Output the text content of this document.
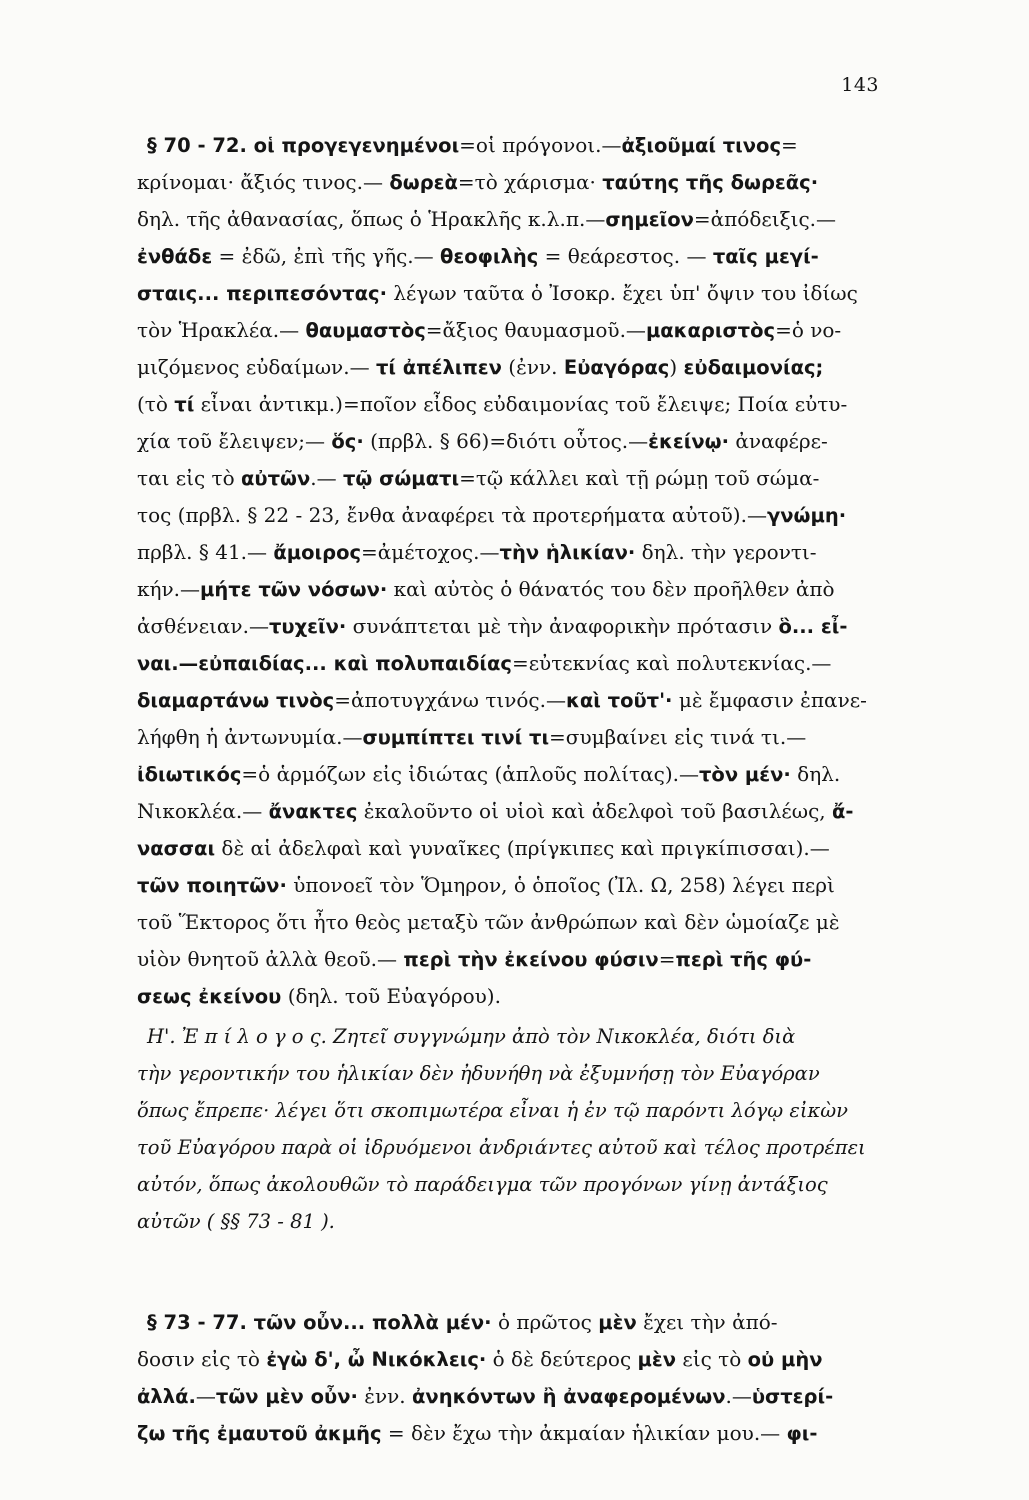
143
§ 70 - 72. οἱ προγεγενημένοι=οἱ πρόγονοι.—ἀξιοῦμαί τινος=
κρίνομαι· ἄξιός τινος.— δωρεὰ=τὸ χάρισμα· ταύτης τῆς δωρεᾶς·
δηλ. τῆς ἀθανασίας, ὅπως ὁ Ἡρακλῆς κ.λ.π.—σημεῖον=ἀπόδειξις.—
ἐνθάδε = ἐδῶ, ἐπὶ τῆς γῆς.— θεοφιλὴς = θεάρεστος. — ταῖς μεγί-
σταις... περιπεσόντας· λέγων ταῦτα ὁ Ἰσοκρ. ἔχει ὑπ' ὄψιν του ἰδίως
τὸν Ἡρακλέα.— θαυμαστὸς=ἄξιος θαυμασμοῦ.—μακαριστὸς=ὁ νο-
μιζόμενος εὐδαίμων.— τί ἀπέλιπεν (ἐνν. Εὐαγόρας) εὐδαιμονίας;
(τὸ τί εἶναι ἀντικμ.)=ποῖον εἶδος εὐδαιμονίας τοῦ ἔλειψε; Ποία εὐτυ-
χία τοῦ ἔλειψεν;— ὅς· (πρβλ. § 66)=διότι οὗτος.—ἐκείνῳ· ἀναφέρε-
ται εἰς τὸ αὐτῶν.— τῷ σώματι=τῷ κάλλει καὶ τῇ ρώμῃ τοῦ σώμα-
τος (πρβλ. § 22 - 23, ἔνθα ἀναφέρει τὰ προτερήματα αὐτοῦ).—γνώμη·
πρβλ. § 41.— ἄμοιρος=ἀμέτοχος.—τὴν ἡλικίαν· δηλ. τὴν γεροντι-
κήν.—μήτε τῶν νόσων· καὶ αὐτὸς ὁ θάνατός του δὲν προῆλθεν ἀπὸ
ἀσθένειαν.—τυχεῖν· συνάπτεται μὲ τὴν ἀναφορικὴν πρότασιν ὃ... εἶ-
ναι.—εὐπαιδίας... καὶ πολυπαιδίας=εὐτεκνίας καὶ πολυτεκνίας.—
διαμαρτάνω τινὸς=ἀποτυγχάνω τινός.—καὶ τοῦτ'· μὲ ἔμφασιν ἐπανε-
λήφθη ἡ ἀντωνυμία.—συμπίπτει τινί τι=συμβαίνει εἰς τινά τι.—
ἰδιωτικός=ὁ ἁρμόζων εἰς ἰδιώτας (ἁπλοῦς πολίτας).—τὸν μέν· δηλ.
Νικοκλέα.— ἄνακτες ἐκαλοῦντο οἱ υἱοὶ καὶ ἀδελφοὶ τοῦ βασιλέως, ἄ-
νασσαι δὲ αἱ ἀδελφαὶ καὶ γυναῖκες (πρίγκιπες καὶ πριγκίπισσαι).—
τῶν ποιητῶν· ὑπονοεῖ τὸν Ὅμηρον, ὁ ὁποῖος (Ἰλ. Ω, 258) λέγει περὶ
τοῦ Ἕκτορος ὅτι ἦτο θεὸς μεταξὺ τῶν ἀνθρώπων καὶ δὲν ὡμοίαζε μὲ
υἱὸν θνητοῦ ἀλλὰ θεοῦ.— περὶ τὴν ἐκείνου φύσιν=περὶ τῆς φύ-
σεως ἐκείνου (δηλ. τοῦ Εὐαγόρου).
Η'. Ἐ π ί λ ο γ ο ς. Ζητεῖ συγγνώμην ἀπὸ τὸν Νικοκλέα, διότι διὰ
τὴν γεροντικήν του ἡλικίαν δὲν ἠδυνήθη νὰ ἐξυμνήσῃ τὸν Εὐαγόραν
ὅπως ἔπρεπε· λέγει ὅτι σκοπιμωτέρα εἶναι ἡ ἐν τῷ παρόντι λόγῳ εἰκὼν
τοῦ Εὐαγόρου παρὰ οἱ ἱδρυόμενοι ἀνδριάντες αὐτοῦ καὶ τέλος προτρέπει
αὐτόν, ὅπως ἀκολουθῶν τὸ παράδειγμα τῶν προγόνων γίνῃ ἀντάξιος
αὐτῶν ( §§ 73 - 81 ).
§ 73 - 77. τῶν οὖν... πολλὰ μέν· ὁ πρῶτος μὲν ἔχει τὴν ἀπό-
δοσιν εἰς τὸ ἐγὼ δ', ὦ Νικόκλεις· ὁ δὲ δεύτερος μὲν εἰς τὸ οὐ μὴν
ἀλλά.—τῶν μὲν οὖν· ἐνν. ἀνηκόντων ἢ ἀναφερομένων.—ὑστερί-
ζω τῆς ἐμαυτοῦ ἀκμῆς = δὲν ἔχω τὴν ἀκμαίαν ἡλικίαν μου.— φι-
